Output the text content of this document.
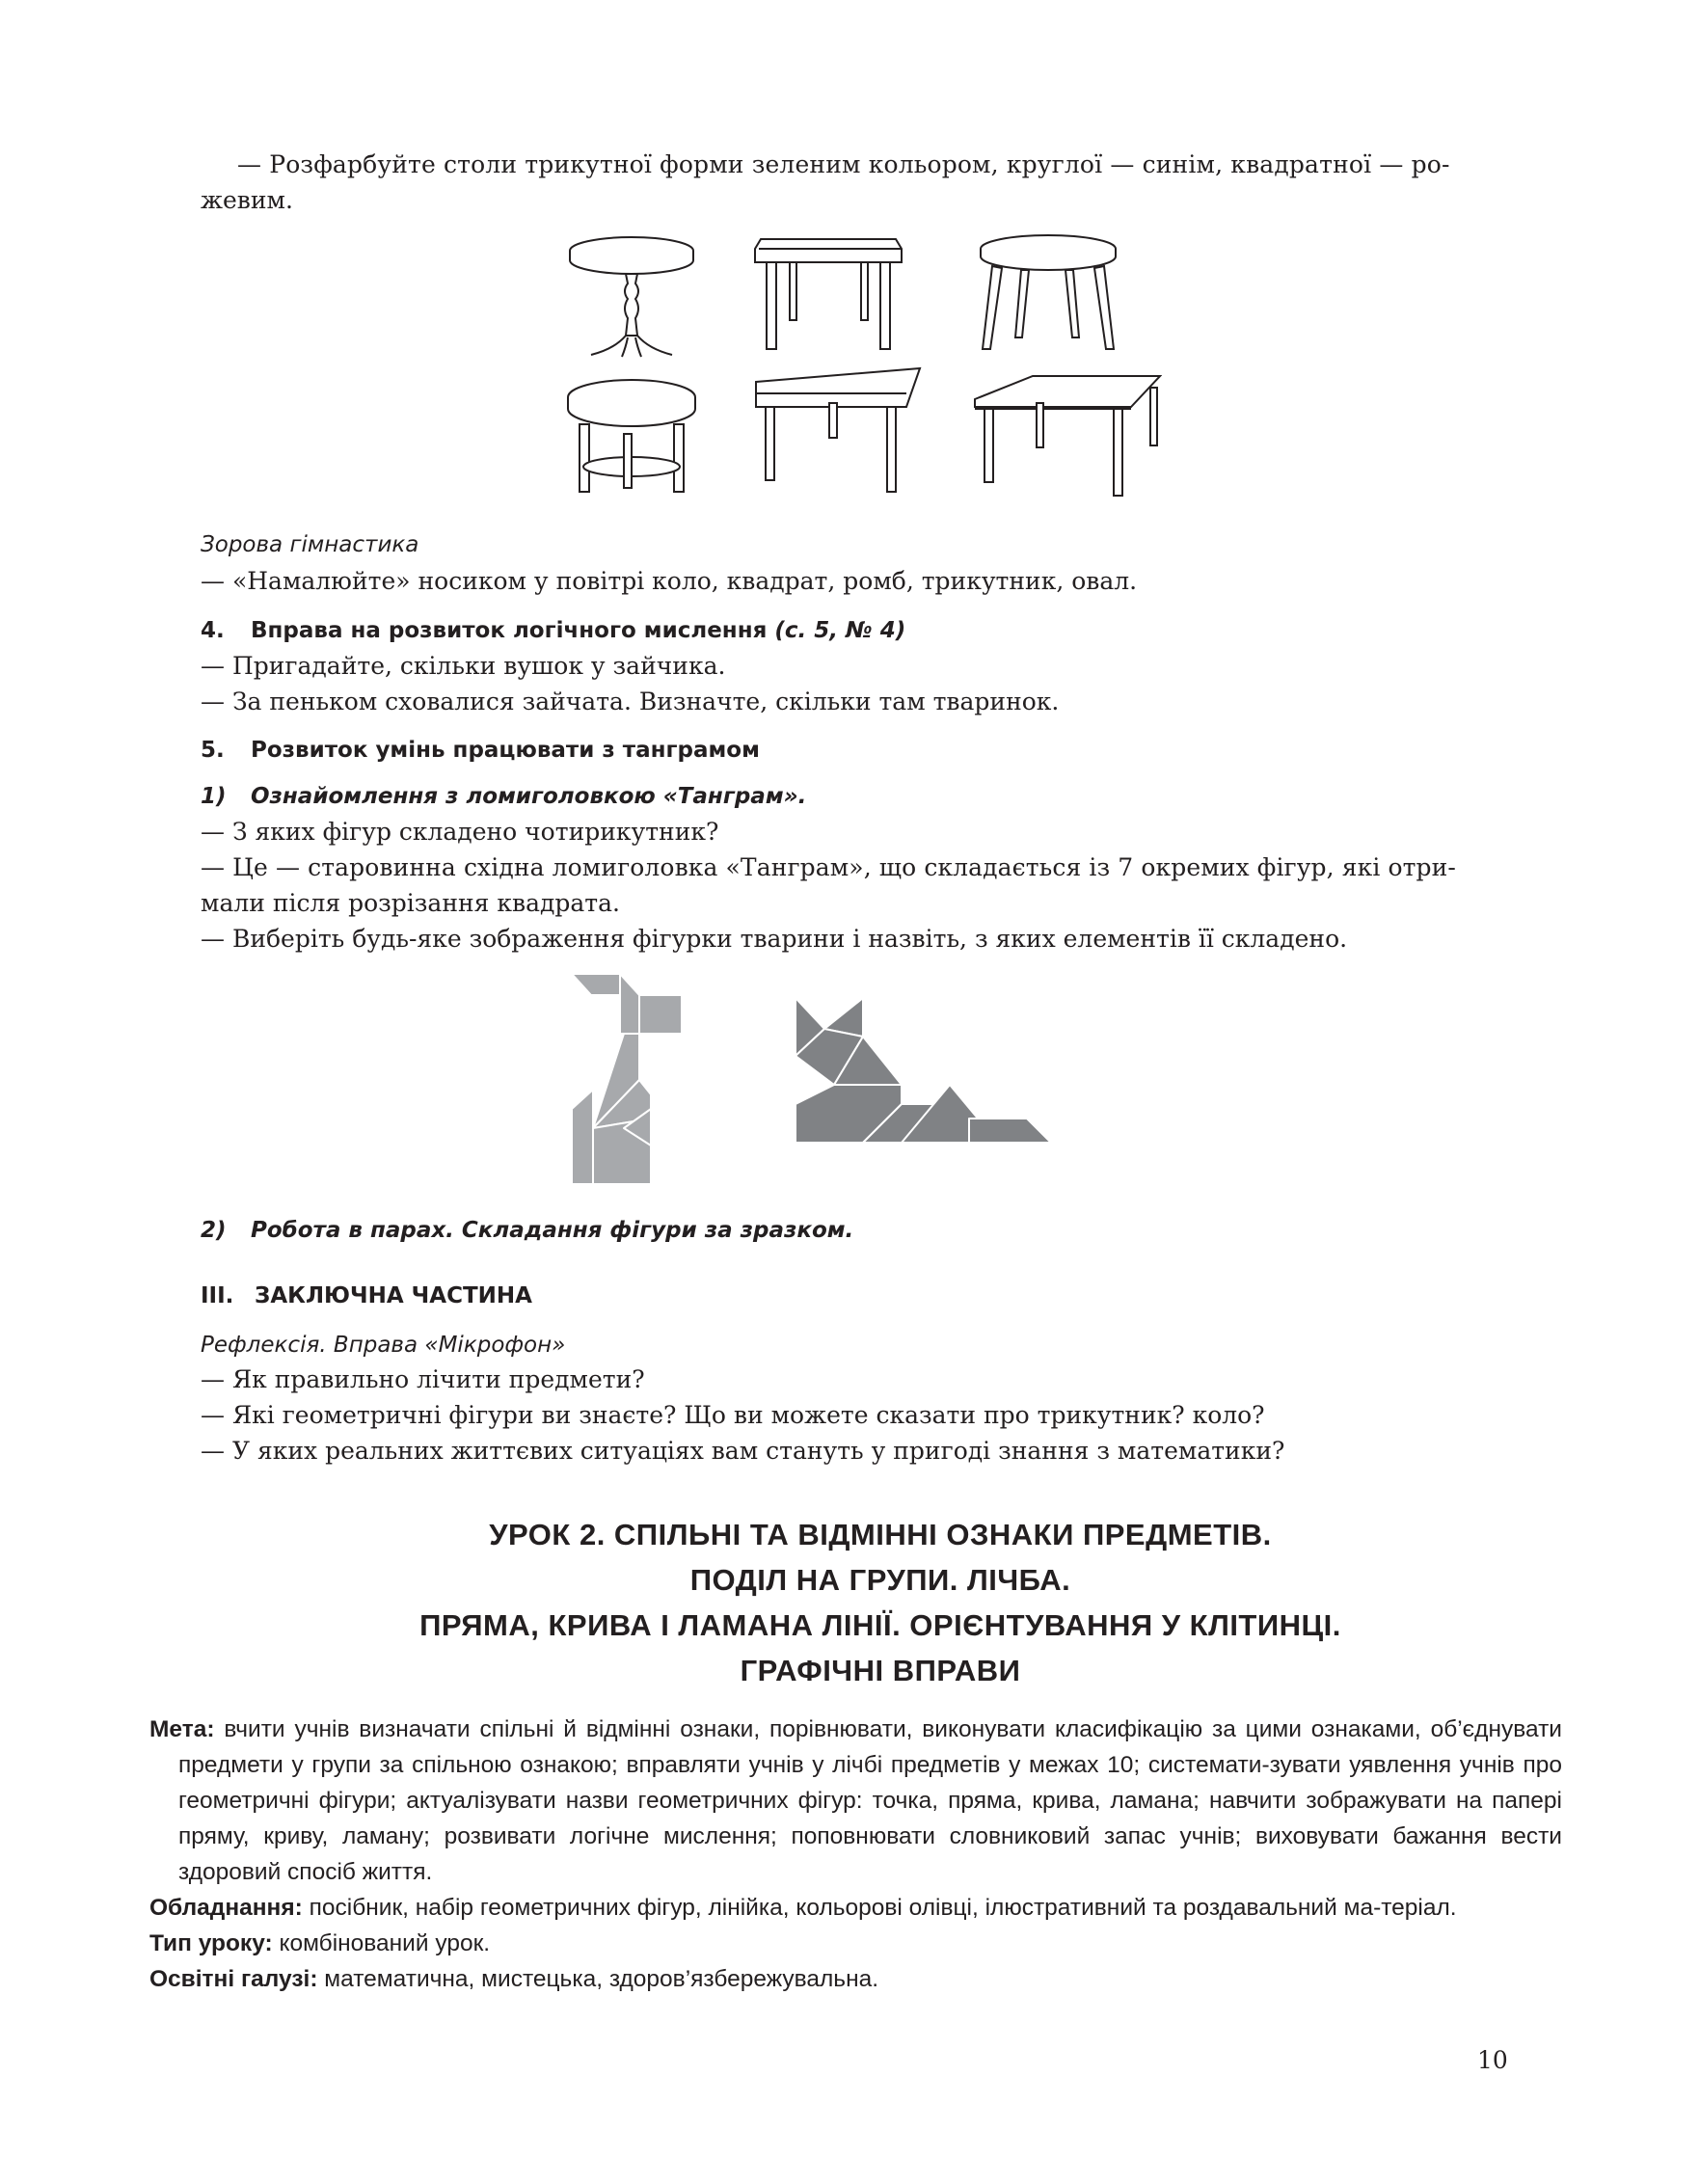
— Розфарбуйте столи трикутної форми зеленим кольором, круглої — синім, квадратної — ро-

жевим.

Зорова гімнастика

— «Намалюйте» носиком у повітрі коло, квадрат, ромб, трикутник, овал.

4. Вправа на розвиток логічного мислення (с. 5, № 4)

— Пригадайте, скільки вушок у зайчика.

— За пеньком сховалися зайчата. Визначте, скільки там тваринок.

5. Розвиток умінь працювати з танграмом

1) Ознайомлення з ломиголовкою «Танграм».

— З яких фігур складено чотирикутник?

— Це — старовинна східна ломиголовка «Танграм», що складається із 7 окремих фігур, які отри-

мали після розрізання квадрата.

— Виберіть будь-яке зображення фігурки тварини і назвіть, з яких елементів її складено.

2) Робота в парах. Складання фігури за зразком.

ІІІ. ЗАКЛЮЧНА ЧАСТИНА

Рефлексія. Вправа «Мікрофон»

— Як правильно лічити предмети?

— Які геометричні фігури ви знаєте? Що ви можете сказати про трикутник? коло?

— У яких реальних життєвих ситуаціях вам стануть у пригоді знання з математики?

УРОК 2. СПІЛЬНІ ТА ВІДМІННІ ОЗНАКИ ПРЕДМЕТІВ.
ПОДІЛ НА ГРУПИ. ЛІЧБА.
ПРЯМА, КРИВА І ЛАМАНА ЛІНІЇ. ОРІЄНТУВАННЯ У КЛІТИНЦІ.
ГРАФІЧНІ ВПРАВИ

Мета: вчити учнів визначати спільні й відмінні ознаки, порівнювати, виконувати класифікацію за цими ознаками, об’єднувати предмети у групи за спільною ознакою; вправляти учнів у лічбі предметів у межах 10; системати-зувати уявлення учнів про геометричні фігури; актуалізувати назви геометричних фігур: точка, пряма, крива, ламана; навчити зображувати на папері пряму, криву, ламану; розвивати логічне мислення; поповнювати словниковий запас учнів; виховувати бажання вести здоровий спосіб життя.

Обладнання: посібник, набір геометричних фігур, лінійка, кольорові олівці, ілюстративний та роздавальний ма-теріал.

Тип уроку: комбінований урок.

Освітні галузі: математична, мистецька, здоров’язбережувальна.

10
